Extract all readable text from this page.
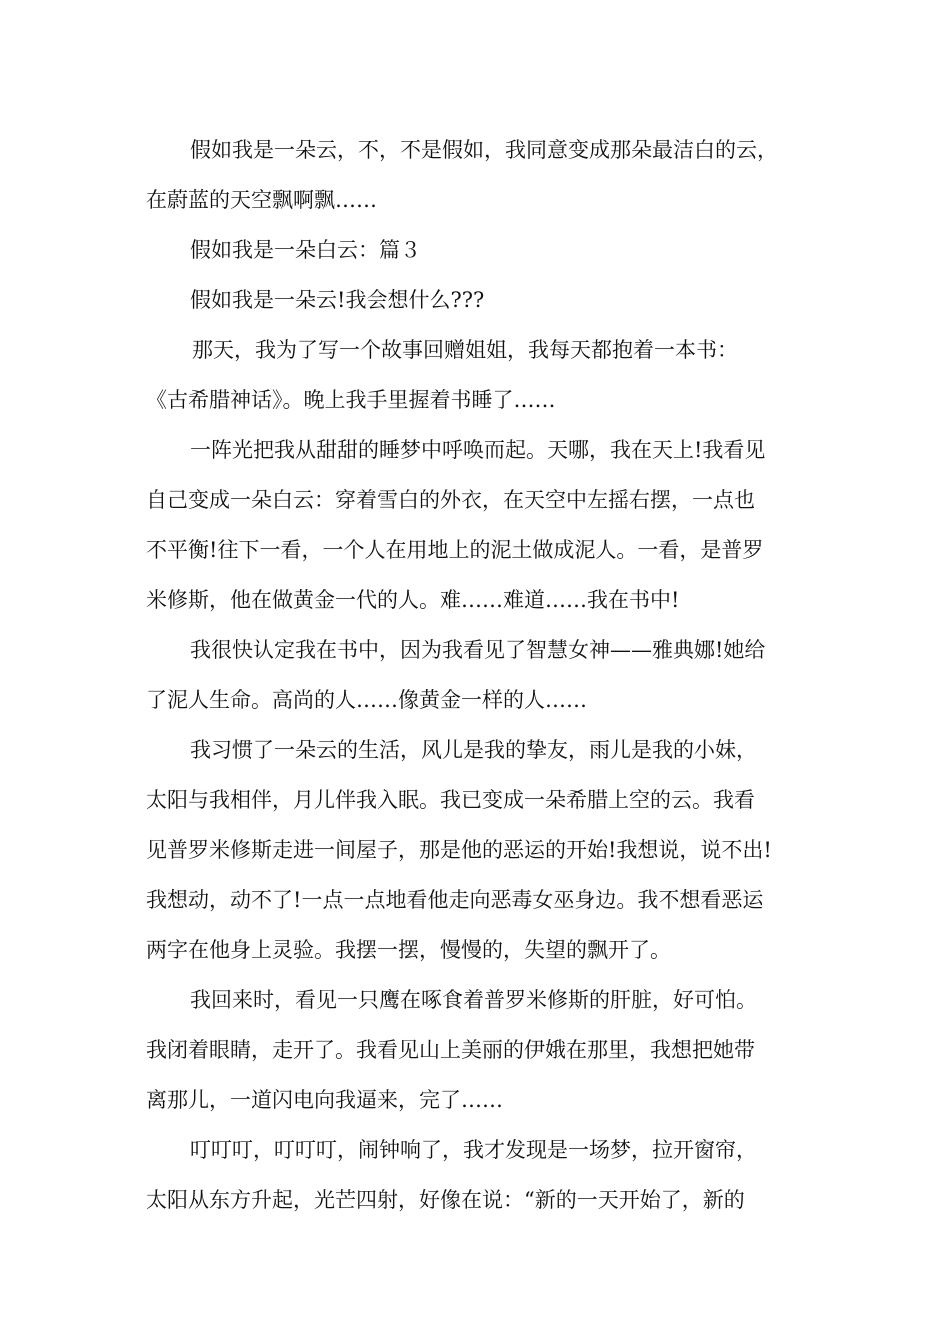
假如我是一朵云，不，不是假如，我同意变成那朵最洁白的云，
在蔚蓝的天空飘啊飘……
假如我是一朵白云：篇３
假如我是一朵云!我会想什么???
那天，我为了写一个故事回赠姐姐，我每天都抱着一本书：
《古希腊神话》。晚上我手里握着书睡了……
一阵光把我从甜甜的睡梦中呼唤而起。天哪，我在天上!我看见
自己变成一朵白云：穿着雪白的外衣，在天空中左摇右摆，一点也
不平衡!往下一看，一个人在用地上的泥土做成泥人。一看，是普罗
米修斯，他在做黄金一代的人。难……难道……我在书中!
我很快认定我在书中，因为我看见了智慧女神——雅典娜!她给
了泥人生命。高尚的人……像黄金一样的人……
我习惯了一朵云的生活，风儿是我的挚友，雨儿是我的小妹，
太阳与我相伴，月儿伴我入眠。我已变成一朵希腊上空的云。我看
见普罗米修斯走进一间屋子，那是他的恶运的开始!我想说，说不出!
我想动，动不了!一点一点地看他走向恶毒女巫身边。我不想看恶运
两字在他身上灵验。我摆一摆，慢慢的，失望的飘开了。
我回来时，看见一只鹰在啄食着普罗米修斯的肝脏，好可怕。
我闭着眼睛，走开了。我看见山上美丽的伊娥在那里，我想把她带
离那儿，一道闪电向我逼来，完了……
叮叮叮，叮叮叮，闹钟响了，我才发现是一场梦，拉开窗帘，
太阳从东方升起，光芒四射，好像在说：“新的一天开始了，新的
